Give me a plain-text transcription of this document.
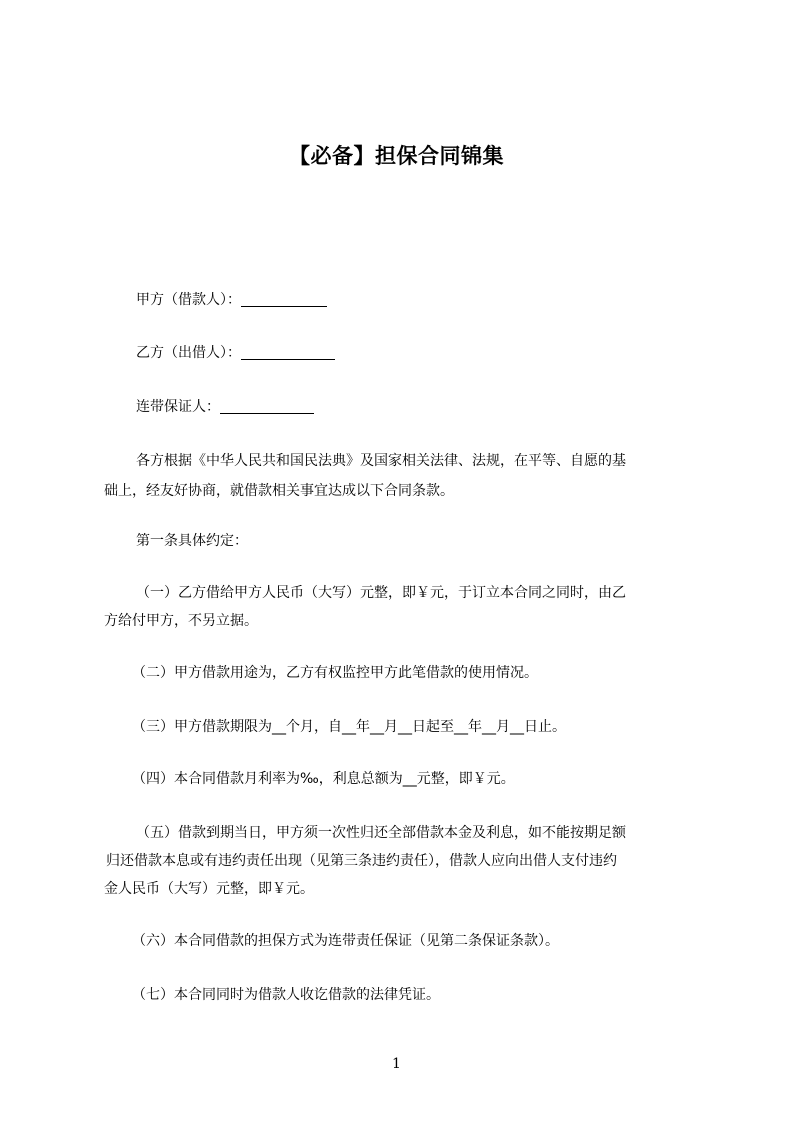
【必备】担保合同锦集
甲方（借款人）：
乙方（出借人）：
连带保证人：
各方根据《中华人民共和国民法典》及国家相关法律、法规，在平等、自愿的基
础上，经友好协商，就借款相关事宜达成以下合同条款。
第一条具体约定：
（一）乙方借给甲方人民币（大写）元整，即￥元，于订立本合同之同时，由乙
方给付甲方，不另立据。
（二）甲方借款用途为，乙方有权监控甲方此笔借款的使用情况。
（三）甲方借款期限为__个月，自__年__月__日起至__年__月__日止。
（四）本合同借款月利率为‰，利息总额为__元整，即￥元。
（五）借款到期当日，甲方须一次性归还全部借款本金及利息，如不能按期足额
归还借款本息或有违约责任出现（见第三条违约责任），借款人应向出借人支付违约
金人民币（大写）元整，即￥元。
（六）本合同借款的担保方式为连带责任保证（见第二条保证条款）。
（七）本合同同时为借款人收讫借款的法律凭证。
1
